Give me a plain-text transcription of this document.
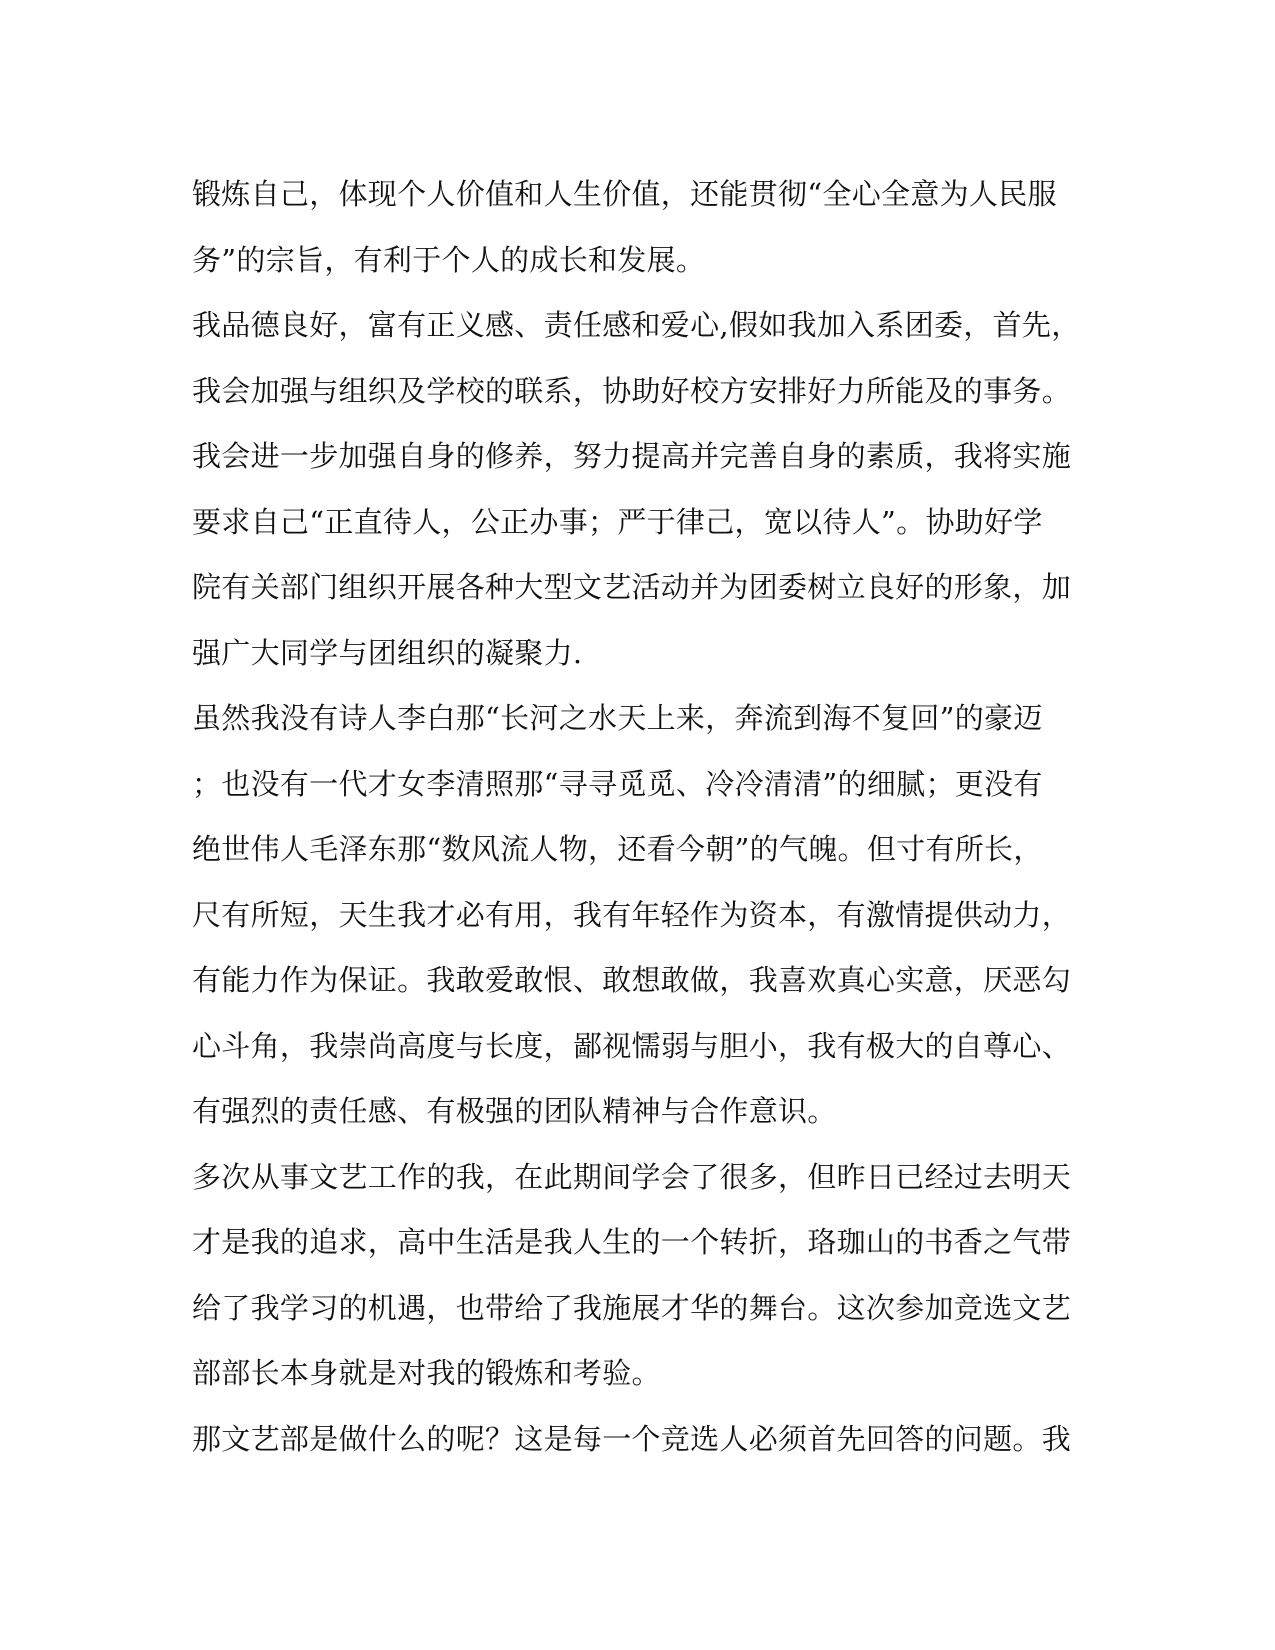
锻炼自己，体现个人价值和人生价值，还能贯彻“全心全意为人民服
务”的宗旨，有利于个人的成长和发展。
我品德良好，富有正义感、责任感和爱心,假如我加入系团委，首先，
我会加强与组织及学校的联系，协助好校方安排好力所能及的事务。
我会进一步加强自身的修养，努力提高并完善自身的素质，我将实施
要求自己“正直待人，公正办事；严于律己，宽以待人”。协助好学
院有关部门组织开展各种大型文艺活动并为团委树立良好的形象，加
强广大同学与团组织的凝聚力.
虽然我没有诗人李白那“长河之水天上来，奔流到海不复回”的豪迈
；也没有一代才女李清照那“寻寻觅觅、冷冷清清”的细腻；更没有
绝世伟人毛泽东那“数风流人物，还看今朝”的气魄。但寸有所长，
尺有所短，天生我才必有用，我有年轻作为资本，有激情提供动力，
有能力作为保证。我敢爱敢恨、敢想敢做，我喜欢真心实意，厌恶勾
心斗角，我崇尚高度与长度，鄙视懦弱与胆小，我有极大的自尊心、
有强烈的责任感、有极强的团队精神与合作意识。
多次从事文艺工作的我，在此期间学会了很多，但昨日已经过去明天
才是我的追求，高中生活是我人生的一个转折，珞珈山的书香之气带
给了我学习的机遇，也带给了我施展才华的舞台。这次参加竞选文艺
部部长本身就是对我的锻炼和考验。
那文艺部是做什么的呢？这是每一个竞选人必须首先回答的问题。我
